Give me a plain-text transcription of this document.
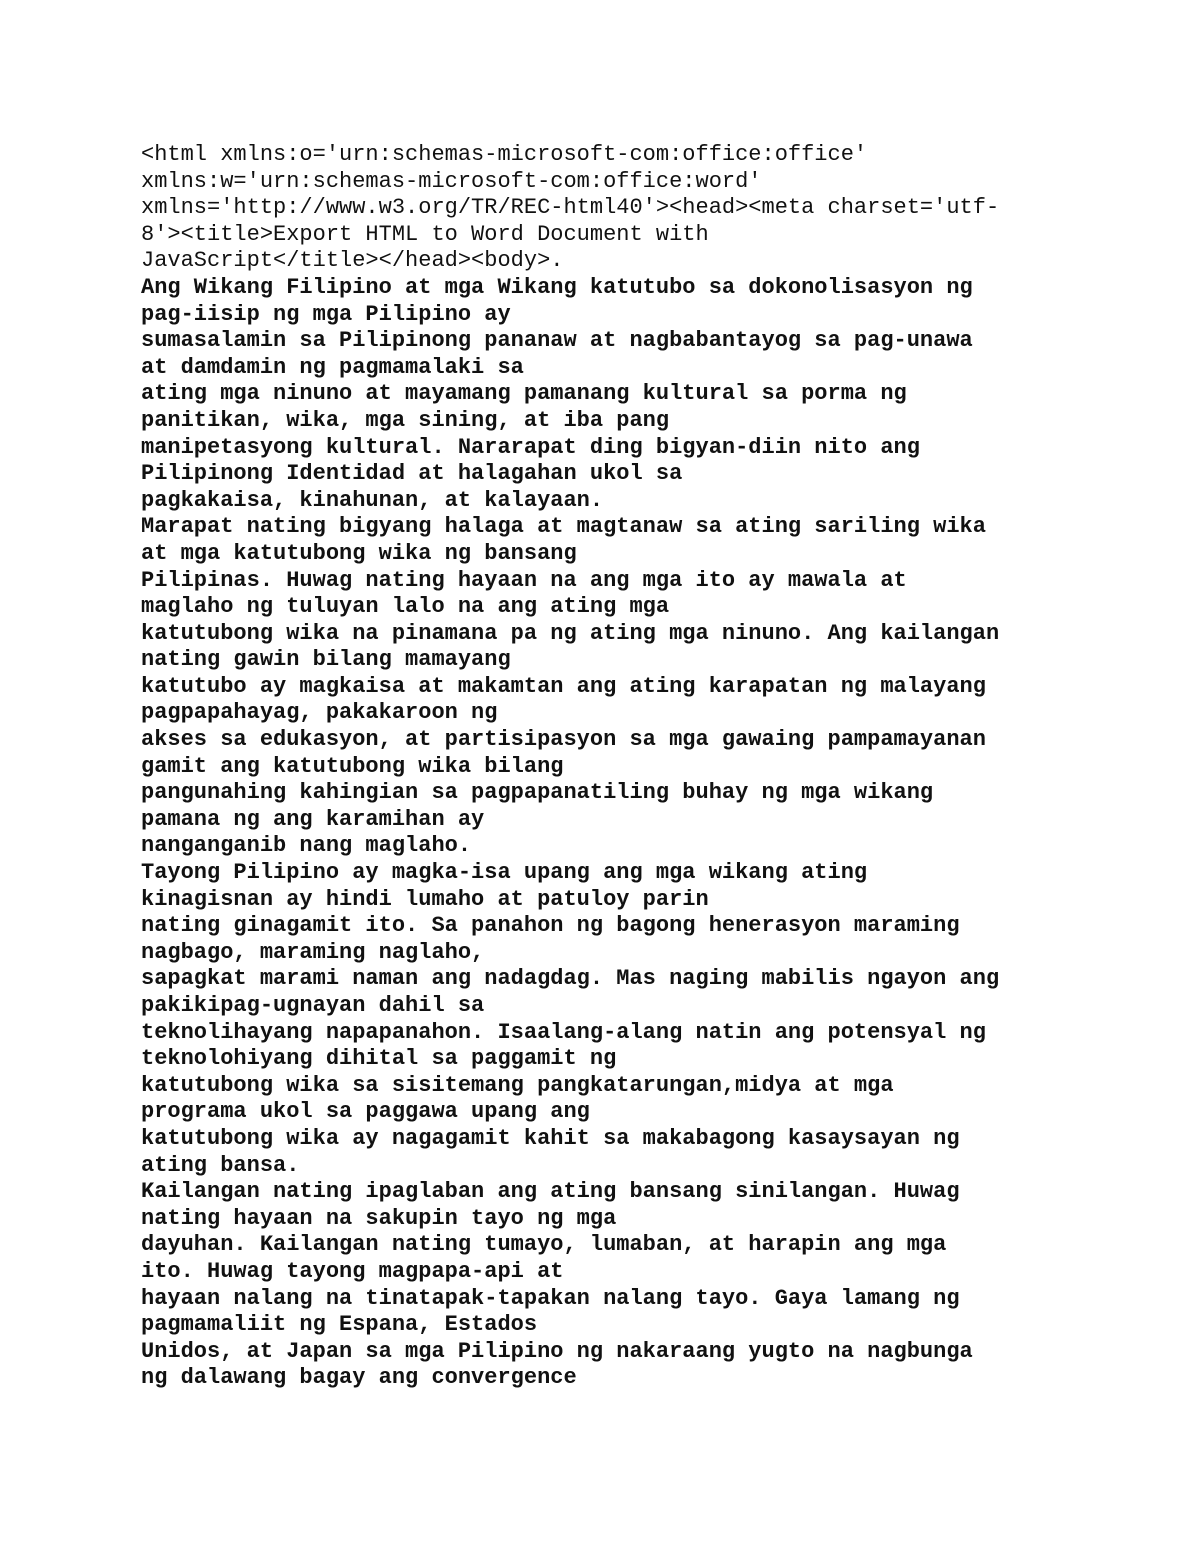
<html xmlns:o='urn:schemas-microsoft-com:office:office'
xmlns:w='urn:schemas-microsoft-com:office:word'
xmlns='http://www.w3.org/TR/REC-html40'><head><meta charset='utf-
8'><title>Export HTML to Word Document with
JavaScript</title></head><body>.
Ang Wikang Filipino at mga Wikang katutubo sa dokonolisasyon ng
pag-iisip ng mga Pilipino ay
sumasalamin sa Pilipinong pananaw at nagbabantayog sa pag-unawa
at damdamin ng pagmamalaki sa
ating mga ninuno at mayamang pamanang kultural sa porma ng
panitikan, wika, mga sining, at iba pang
manipetasyong kultural. Nararapat ding bigyan-diin nito ang
Pilipinong Identidad at halagahan ukol sa
pagkakaisa, kinahunan, at kalayaan.
Marapat nating bigyang halaga at magtanaw sa ating sariling wika
at mga katutubong wika ng bansang
Pilipinas. Huwag nating hayaan na ang mga ito ay mawala at
maglaho ng tuluyan lalo na ang ating mga
katutubong wika na pinamana pa ng ating mga ninuno. Ang kailangan
nating gawin bilang mamayang
katutubo ay magkaisa at makamtan ang ating karapatan ng malayang
pagpapahayag, pakakaroon ng
akses sa edukasyon, at partisipasyon sa mga gawaing pampamayanan
gamit ang katutubong wika bilang
pangunahing kahingian sa pagpapanatiling buhay ng mga wikang
pamana ng ang karamihan ay
nanganganib nang maglaho.
Tayong Pilipino ay magka-isa upang ang mga wikang ating
kinagisnan ay hindi lumaho at patuloy parin
nating ginagamit ito. Sa panahon ng bagong henerasyon maraming
nagbago, maraming naglaho,
sapagkat marami naman ang nadagdag. Mas naging mabilis ngayon ang
pakikipag-ugnayan dahil sa
teknolihayang napapanahon. Isaalang-alang natin ang potensyal ng
teknolohiyang dihital sa paggamit ng
katutubong wika sa sisitemang pangkatarungan,midya at mga
programa ukol sa paggawa upang ang
katutubong wika ay nagagamit kahit sa makabagong kasaysayan ng
ating bansa.
Kailangan nating ipaglaban ang ating bansang sinilangan. Huwag
nating hayaan na sakupin tayo ng mga
dayuhan. Kailangan nating tumayo, lumaban, at harapin ang mga
ito. Huwag tayong magpapa-api at
hayaan nalang na tinatapak-tapakan nalang tayo. Gaya lamang ng
pagmamaliit ng Espana, Estados
Unidos, at Japan sa mga Pilipino ng nakaraang yugto na nagbunga
ng dalawang bagay ang convergence
